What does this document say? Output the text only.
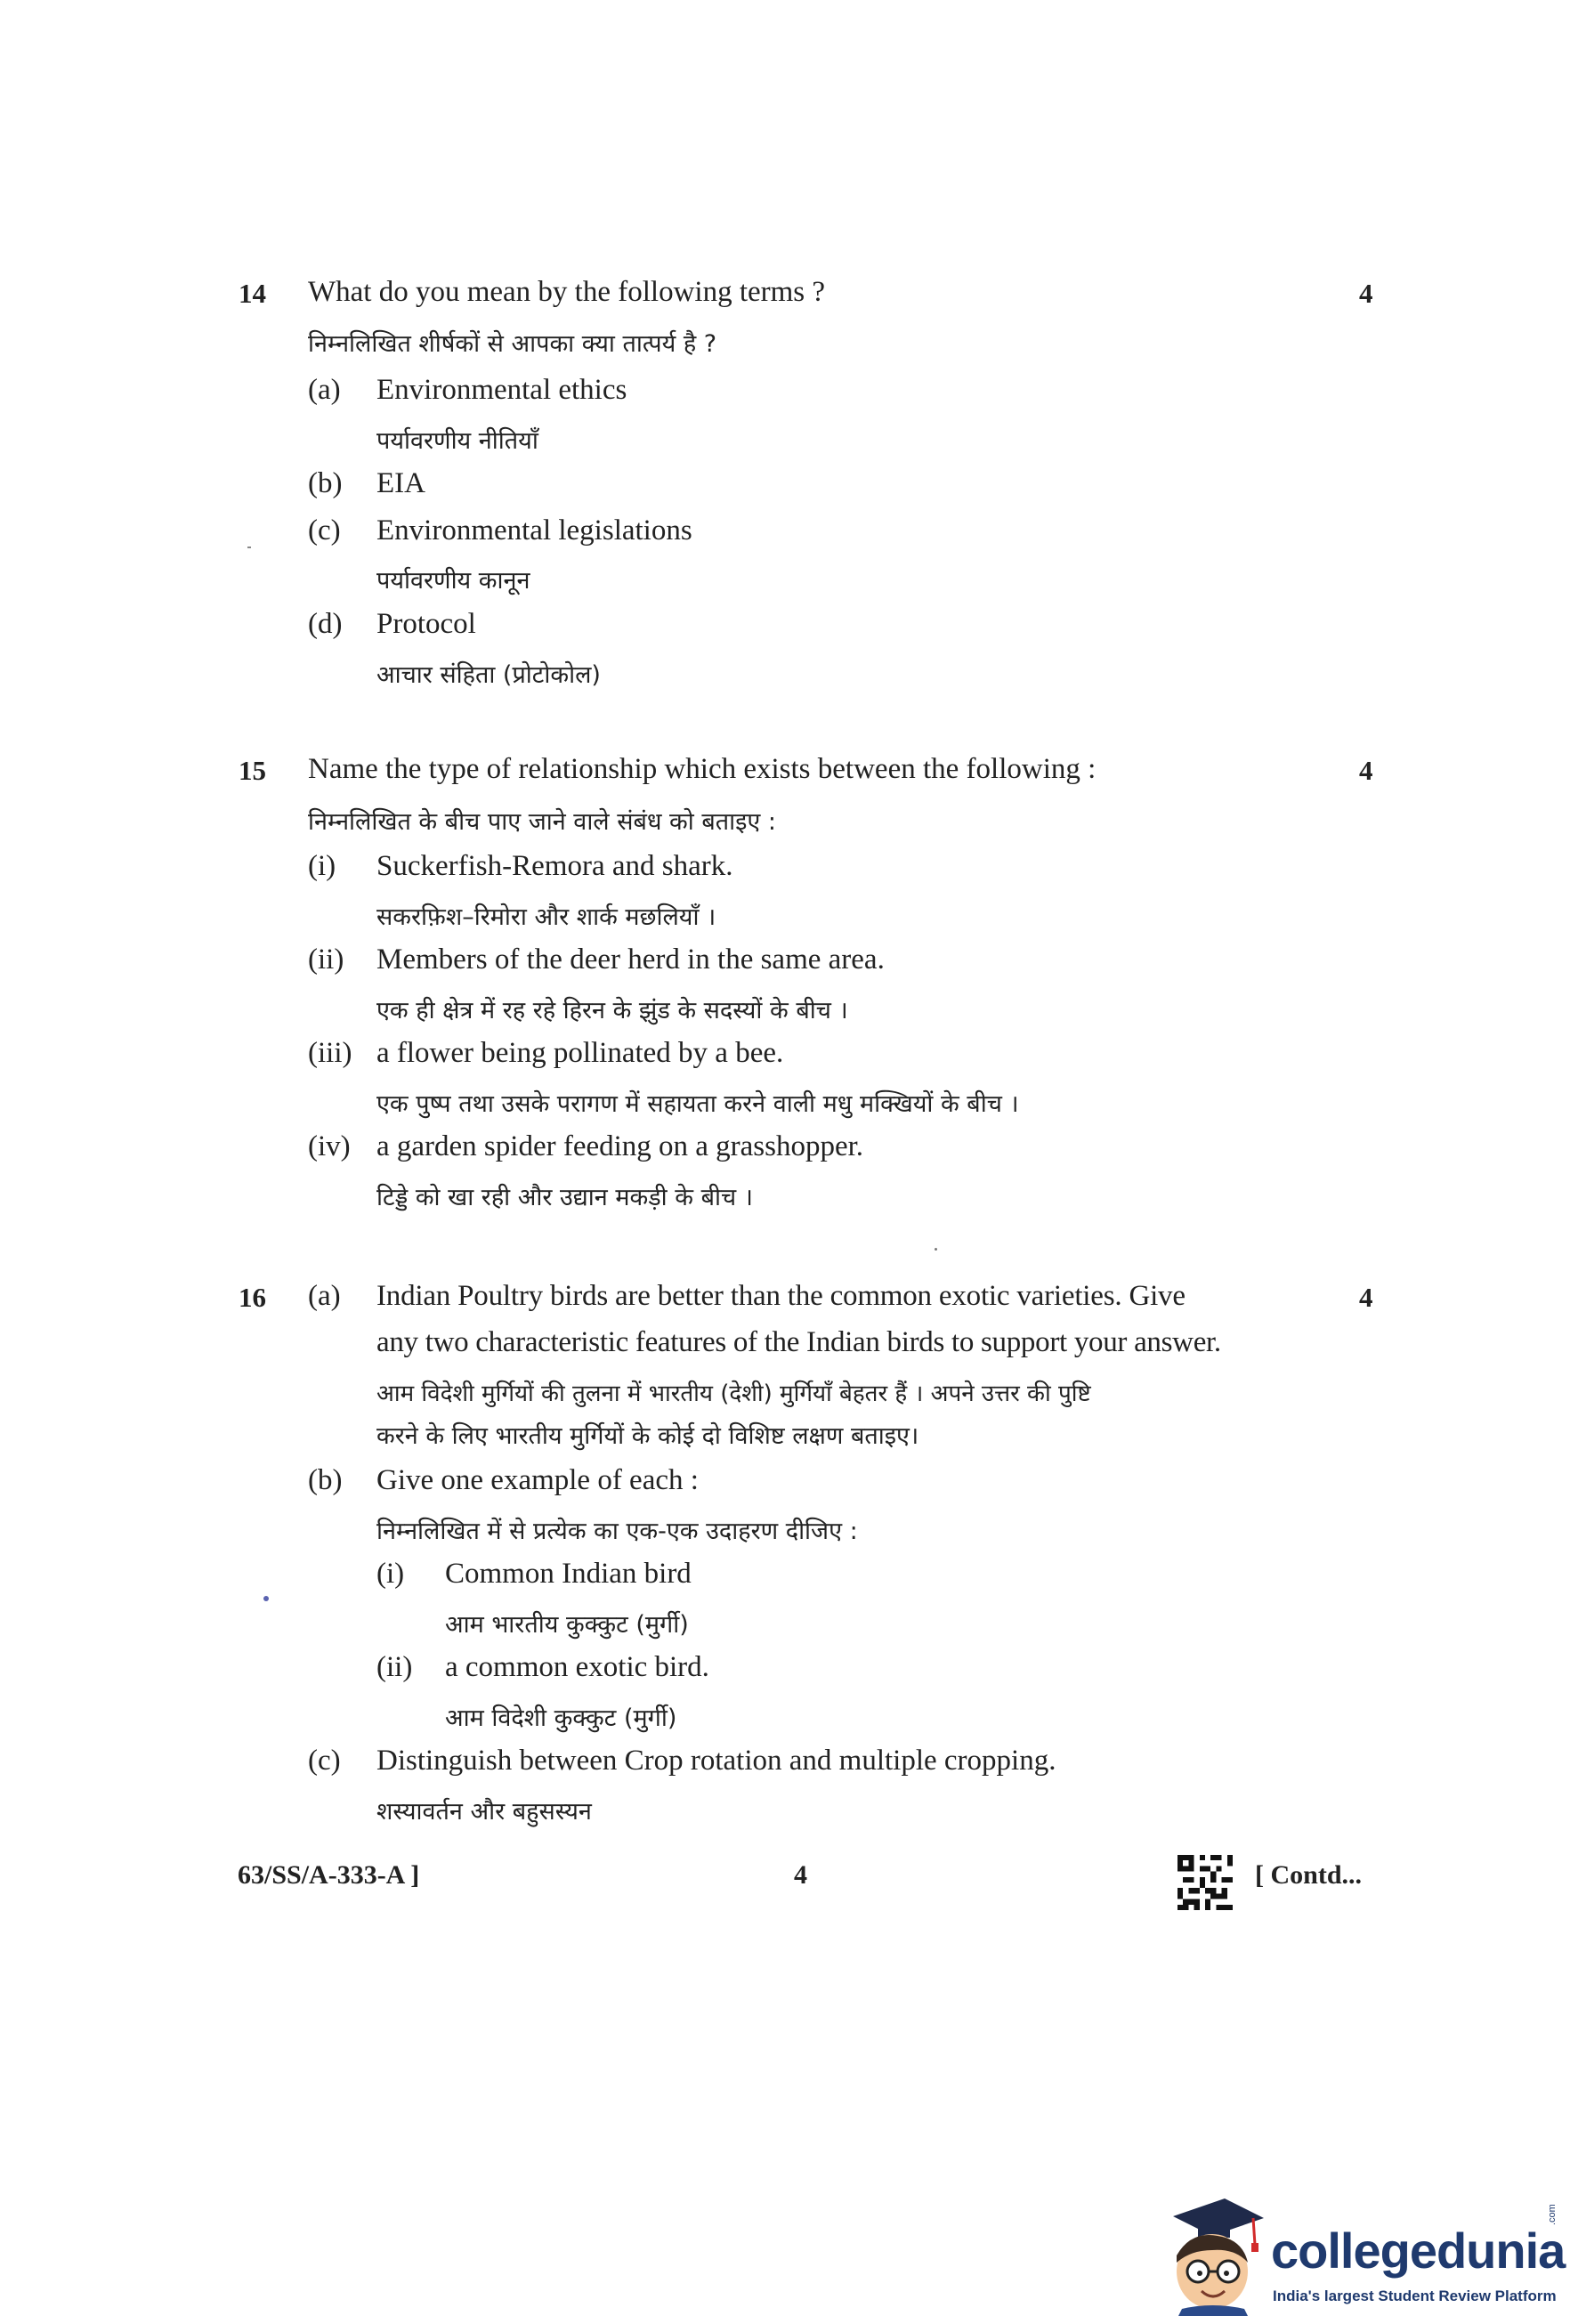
14 What do you mean by the following terms ?	4
निम्नलिखित शीर्षकों से आपका क्या तात्पर्य है ?
(a) Environmental ethics
पर्यावरणीय नीतियाँ
(b) EIA
(c) Environmental legislations
पर्यावरणीय कानून
(d) Protocol
आचार संहिता (प्रोटोकोल)
15 Name the type of relationship which exists between the following :	4
निम्नलिखित के बीच पाए जाने वाले संबंध को बताइए :
(i) Suckerfish-Remora and shark.
सकरफ़िश–रिमोरा और शार्क मछलियाँ ।
(ii) Members of the deer herd in the same area.
एक ही क्षेत्र में रह रहे हिरन के झुंड के सदस्यों के बीच ।
(iii) a flower being pollinated by a bee.
एक पुष्प तथा उसके परागण में सहायता करने वाली मधु मक्खियों के बीच ।
(iv) a garden spider feeding on a grasshopper.
टिड्डे को खा रही और उद्यान मकड़ी के बीच ।
16	4
(a) Indian Poultry birds are better than the common exotic varieties. Give
any two characteristic features of the Indian birds to support your answer.
आम विदेशी मुर्गियों की तुलना में भारतीय (देशी) मुर्गियाँ बेहतर हैं । अपने उत्तर की पुष्टि
करने के लिए भारतीय मुर्गियों के कोई दो विशिष्ट लक्षण बताइए।
(b) Give one example of each :
निम्नलिखित में से प्रत्येक का एक-एक उदाहरण दीजिए :
(i) Common Indian bird
आम भारतीय कुक्कुट (मुर्गी)
(ii) a common exotic bird.
आम विदेशी कुक्कुट (मुर्गी)
(c) Distinguish between Crop rotation and multiple cropping.
शस्यावर्तन और बहुसस्यन
63/SS/A-333-A ]	4	[ Contd...
collegedunia
.com
India's largest Student Review Platform
